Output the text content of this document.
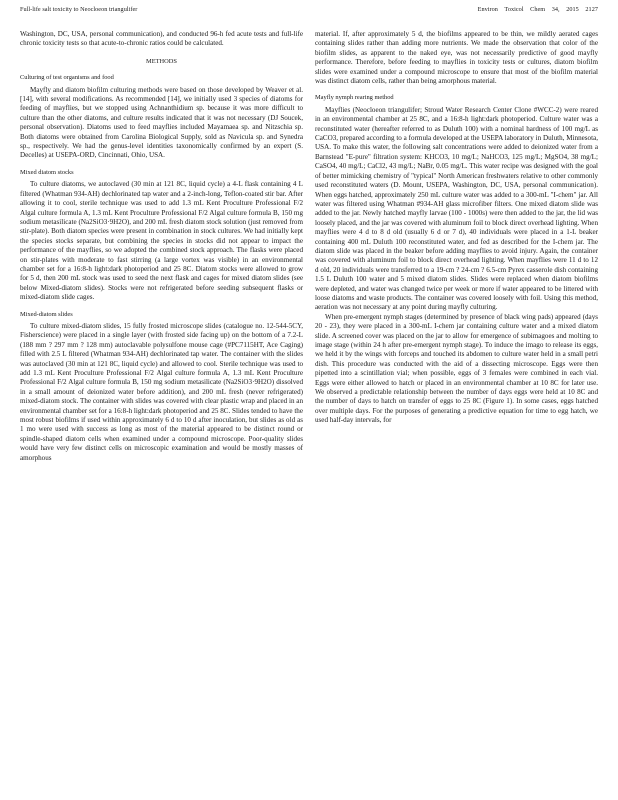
Full-life salt toxicity to Neocloeon triangulifer	Environ Toxicol Chem 34, 2015 2127

Washington, DC, USA, personal communication), and conducted 96-h fed acute tests and full-life chronic toxicity tests so that acute-to-chronic ratios could be calculated.

METHODS
Culturing of test organisms and food

Mayfly and diatom biofilm culturing methods were based on those developed by Weaver et al. [14], with several modifications. As recommended [14], we initially used 3 species of diatoms for feeding of mayflies, but we stopped using Achnanthidium sp. because it was more difficult to culture than the other diatoms, and culture results indicated that it was not necessary (DJ Soucek, personal observation). Diatoms used to feed mayflies included Mayamaea sp. and Nitzschia sp. Both diatoms were obtained from Carolina Biological Supply, sold as Navicula sp. and Synedra sp., respectively. We had the genus-level identities taxonomically confirmed by an expert (S. Decelles) at USEPA-ORD, Cincinnati, Ohio, USA.

Mixed diatom stocks

To culture diatoms, we autoclaved (30 min at 121 8C, liquid cycle) a 4-L flask containing 4 L filtered (Whatman 934-AH) dechlorinated tap water and a 2-inch-long, Teflon-coated stir bar. After allowing it to cool, sterile technique was used to add 1.3 mL Kent Proculture Professional F/2 Algal culture formula A, 1.3 mL Kent Proculture Professional F/2 Algal culture formula B, 150 mg sodium metasilicate (Na2SiO3·9H2O), and 200 mL fresh diatom stock solution (just removed from stir-plate). Both diatom species were present in combination in stock cultures. We had initially kept the species stocks separate, but combining the species in stocks did not appear to impact the performance of the mayflies, so we adopted the combined stock approach. The flasks were placed on stir-plates with moderate to fast stirring (a large vortex was visible) in an environmental chamber set for a 16:8-h light:dark photoperiod and 25 8C. Diatom stocks were allowed to grow for 5 d, then 200 mL stock was used to seed the next flask and cages for mixed diatom slides (see below Mixed-diatom slides). Stocks were not refrigerated before seeding subsequent flasks or mixed-diatom slide cages.

Mixed-diatom slides

To culture mixed-diatom slides, 15 fully frosted microscope slides (catalogue no. 12-544-5CY, Fisherscience) were placed in a single layer (with frosted side facing up) on the bottom of a 7.2-L (188 mm ? 297 mm ? 128 mm) autoclavable polysulfone mouse cage (#PC7115HT, Ace Caging) filled with 2.5 L filtered (Whatman 934-AH) dechlorinated tap water. The container with the slides was autoclaved (30 min at 121 8C, liquid cycle) and allowed to cool. Sterile technique was used to add 1.3 mL Kent Proculture Professional F/2 Algal culture formula A, 1.3 mL Kent Proculture Professional F/2 Algal culture formula B, 150 mg sodium metasilicate (Na2SiO3·9H2O) dissolved in a small amount of deionized water before addition), and 200 mL fresh (never refrigerated) mixed-diatom stock. The container with slides was covered with clear plastic wrap and placed in an environmental chamber set for a 16:8-h light:dark photoperiod and 25 8C. Slides tended to have the most robust biofilms if used within approximately 6 d to 10 d after inoculation, but slides as old as 1 mo were used with success as long as most of the material appeared to be distinct round or spindle-shaped diatom cells when examined under a compound microscope. Poor-quality slides would have very few distinct cells on microscopic examination and would be mostly masses of amorphous

material. If, after approximately 5 d, the biofilms appeared to be thin, we mildly aerated cages containing slides rather than adding more nutrients. We made the observation that color of the biofilm slides, as apparent to the naked eye, was not necessarily predictive of good mayfly performance. Therefore, before feeding to mayflies in toxicity tests or cultures, diatom biofilm slides were examined under a compound microscope to ensure that most of the biofilm material was distinct diatom cells, rather than being amorphous material.

Mayfly nymph rearing method

Mayflies (Neocloeon triangulifer; Stroud Water Research Center Clone #WCC-2) were reared in an environmental chamber at 25 8C, and a 16:8-h light:dark photoperiod. Culture water was a reconstituted water (hereafter referred to as Duluth 100) with a nominal hardness of 100 mg/L as CaCO3, prepared according to a formula developed at the USEPA laboratory in Duluth, Minnesota, USA. To make this water, the following salt concentrations were added to deionized water from a Barnstead "E-pure" filtration system: KHCO3, 10 mg/L; NaHCO3, 125 mg/L; MgSO4, 38 mg/L; CaSO4, 40 mg/L; CaCl2, 43 mg/L; NaBr, 0.05 mg/L. This water recipe was designed with the goal of better mimicking chemistry of "typical" North American freshwaters relative to other commonly used reconstituted waters (D. Mount, USEPA, Washington, DC, USA, personal communication). When eggs hatched, approximately 250 mL culture water was added to a 300-mL "I-chem" jar. All water was filtered using Whatman #934-AH glass microfiber filters. One mixed diatom slide was added to the jar. Newly hatched mayfly larvae (100 - 1000s) were then added to the jar, the lid was loosely placed, and the jar was covered with aluminum foil to block direct overhead lighting. When mayflies were 4 d to 8 d old (usually 6 d or 7 d), 40 individuals were placed in a 1-L beaker containing 400 mL Duluth 100 reconstituted water, and fed as described for the I-chem jar. The diatom slide was placed in the beaker before adding mayflies to avoid injury. Again, the container was covered with aluminum foil to block direct overhead lighting. When mayflies were 11 d to 12 d old, 20 individuals were transferred to a 19-cm ? 24-cm ? 6.5-cm Pyrex casserole dish containing 1.5 L Duluth 100 water and 5 mixed diatom slides. Slides were replaced when diatom biofilms were depleted, and water was changed twice per week or more if water appeared to be littered with loose diatoms and waste products. The container was covered loosely with foil. Using this method, aeration was not necessary at any point during mayfly culturing.

When pre-emergent nymph stages (determined by presence of black wing pads) appeared (days 20 - 23), they were placed in a 300-mL I-chem jar containing culture water and a mixed diatom slide. A screened cover was placed on the jar to allow for emergence of subimagoes and molting to image stage (within 24 h after pre-emergent nymph stage). To induce the imago to release its eggs, we held it by the wings with forceps and touched its abdomen to culture water held in a small petri dish. This procedure was conducted with the aid of a dissecting microscope. Eggs were then pipetted into a scintillation vial; when possible, eggs of 3 females were combined in each vial. Eggs were either allowed to hatch or placed in an environmental chamber at 10 8C for later use. We observed a predictable relationship between the number of days eggs were held at 10 8C and the number of days to hatch on transfer of eggs to 25 8C (Figure 1). In some cases, eggs hatched over multiple days. For the purposes of generating a predictive equation for time to egg hatch, we used half-day intervals, for
